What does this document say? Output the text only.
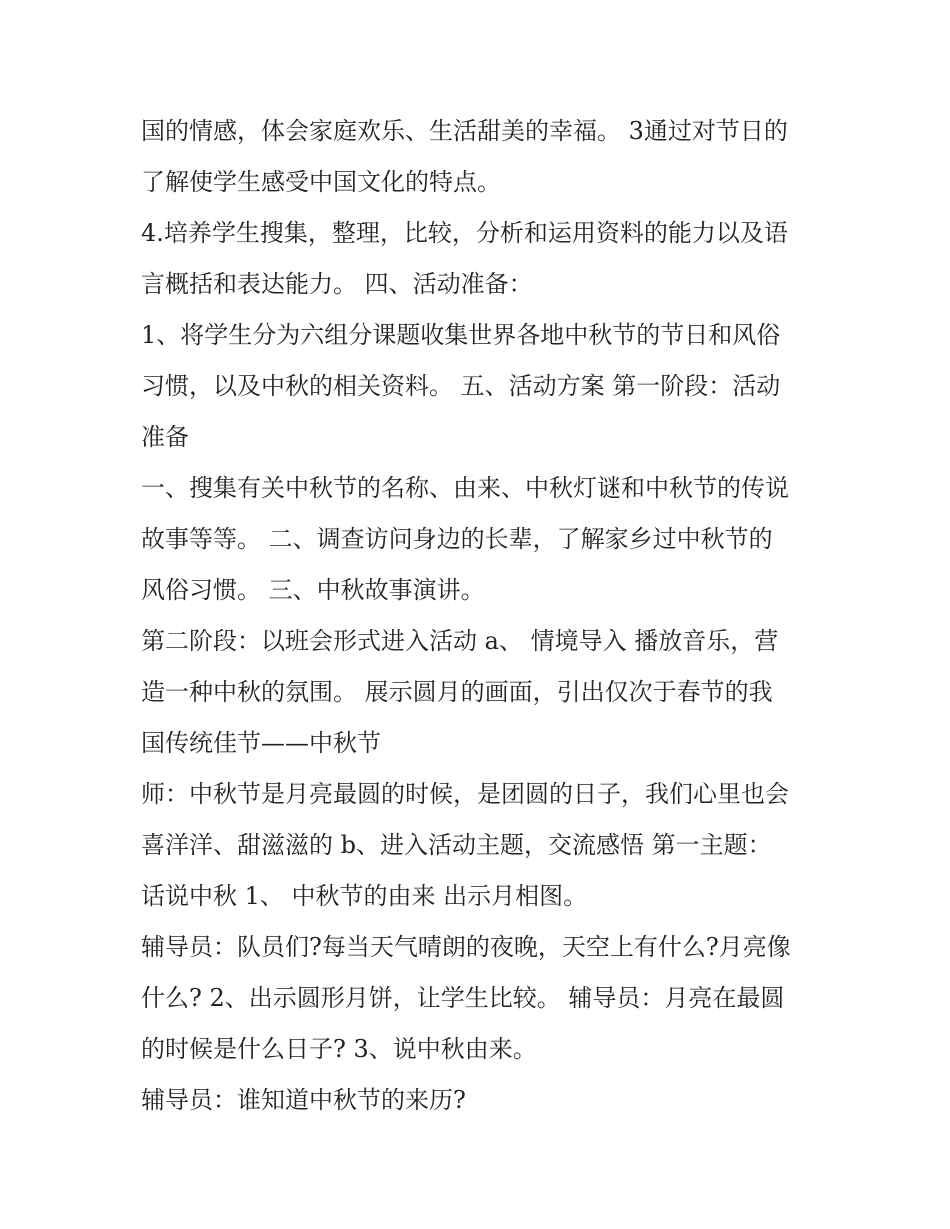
国的情感，体会家庭欢乐、生活甜美的幸福。 3通过对节日的
了解使学生感受中国文化的特点。
4.培养学生搜集，整理，比较，分析和运用资料的能力以及语
言概括和表达能力。 四、活动准备：
1、将学生分为六组分课题收集世界各地中秋节的节日和风俗
习惯，以及中秋的相关资料。 五、活动方案 第一阶段：活动
准备
一、搜集有关中秋节的名称、由来、中秋灯谜和中秋节的传说
故事等等。 二、调查访问身边的长辈，了解家乡过中秋节的
风俗习惯。 三、中秋故事演讲。
第二阶段：以班会形式进入活动 a、 情境导入 播放音乐，营
造一种中秋的氛围。 展示圆月的画面，引出仅次于春节的我
国传统佳节——中秋节
师：中秋节是月亮最圆的时候，是团圆的日子，我们心里也会
喜洋洋、甜滋滋的 b、进入活动主题，交流感悟 第一主题：
话说中秋 1、 中秋节的由来 出示月相图。
辅导员：队员们?每当天气晴朗的夜晚，天空上有什么?月亮像
什么? 2、出示圆形月饼，让学生比较。 辅导员：月亮在最圆
的时候是什么日子? 3、说中秋由来。
辅导员：谁知道中秋节的来历?
